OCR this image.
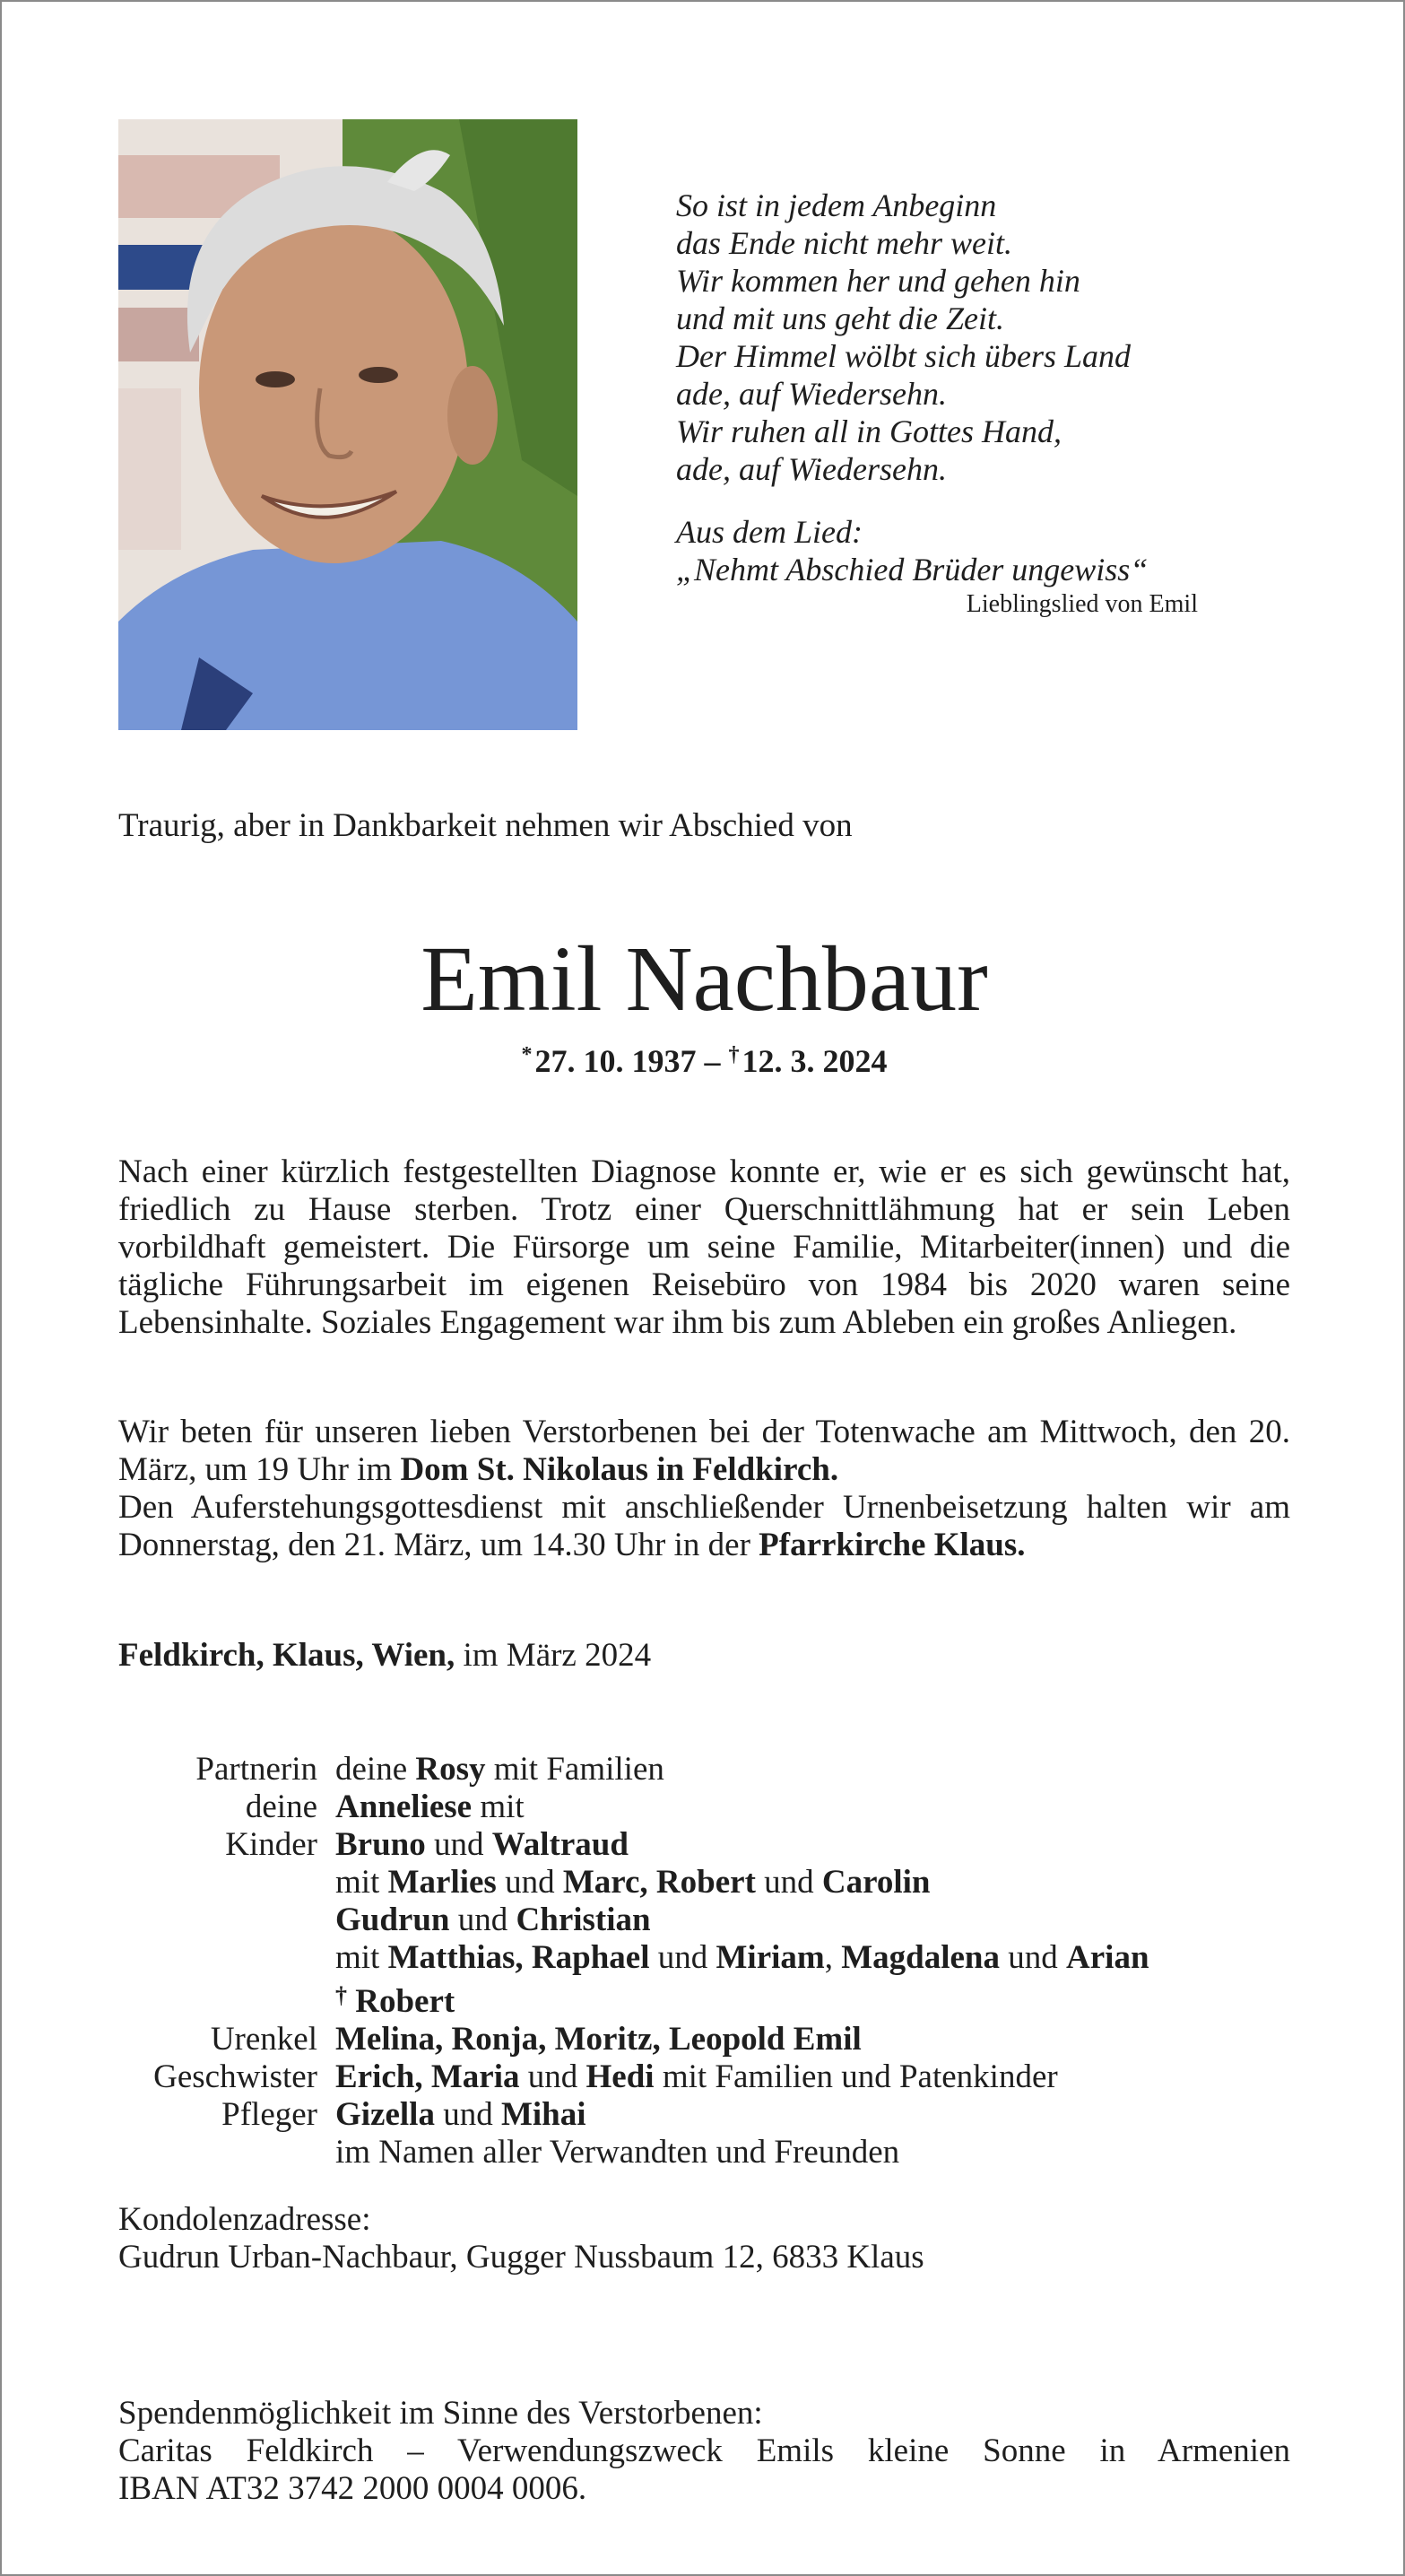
So ist in jedem Anbeginn
das Ende nicht mehr weit.
Wir kommen her und gehen hin
und mit uns geht die Zeit.
Der Himmel wölbt sich übers Land
ade, auf Wiedersehn.
Wir ruhen all in Gottes Hand,
ade, auf Wiedersehn.
Aus dem Lied:
„Nehmt Abschied Brüder ungewiss“
Lieblingslied von Emil
Traurig, aber in Dankbarkeit nehmen wir Abschied von
Emil Nachbaur
*27. 10. 1937 – †12. 3. 2024
Nach einer kürzlich festgestellten Diagnose konnte er, wie er es sich gewünscht hat, friedlich zu Hause sterben. Trotz einer Querschnittlähmung hat er sein Leben vorbildhaft gemeistert. Die Fürsorge um seine Familie, Mitarbeiter(innen) und die tägliche Führungsarbeit im eigenen Reisebüro von 1984 bis 2020 waren seine Lebensinhalte. Soziales Engagement war ihm bis zum Ableben ein großes Anliegen.
Wir beten für unseren lieben Verstorbenen bei der Totenwache am Mittwoch, den 20. März, um 19 Uhr im Dom St. Nikolaus in Feldkirch.
Den Auferstehungsgottesdienst mit anschließender Urnenbeisetzung halten wir am Donnerstag, den 21. März, um 14.30 Uhr in der Pfarrkirche Klaus.
Feldkirch, Klaus, Wien, im März 2024
Partnerin deine Rosy mit Familien
deine Anneliese mit
Kinder Bruno und Waltraud
mit Marlies und Marc, Robert und Carolin
Gudrun und Christian
mit Matthias, Raphael und Miriam, Magdalena und Arian
† Robert
Urenkel Melina, Ronja, Moritz, Leopold Emil
Geschwister Erich, Maria und Hedi mit Familien und Patenkinder
Pfleger Gizella und Mihai
im Namen aller Verwandten und Freunden
Kondolenzadresse:
Gudrun Urban-Nachbaur, Gugger Nussbaum 12, 6833 Klaus
Spendenmöglichkeit im Sinne des Verstorbenen:
Caritas Feldkirch – Verwendungszweck Emils kleine Sonne in Armenien
IBAN AT32 3742 2000 0004 0006.
